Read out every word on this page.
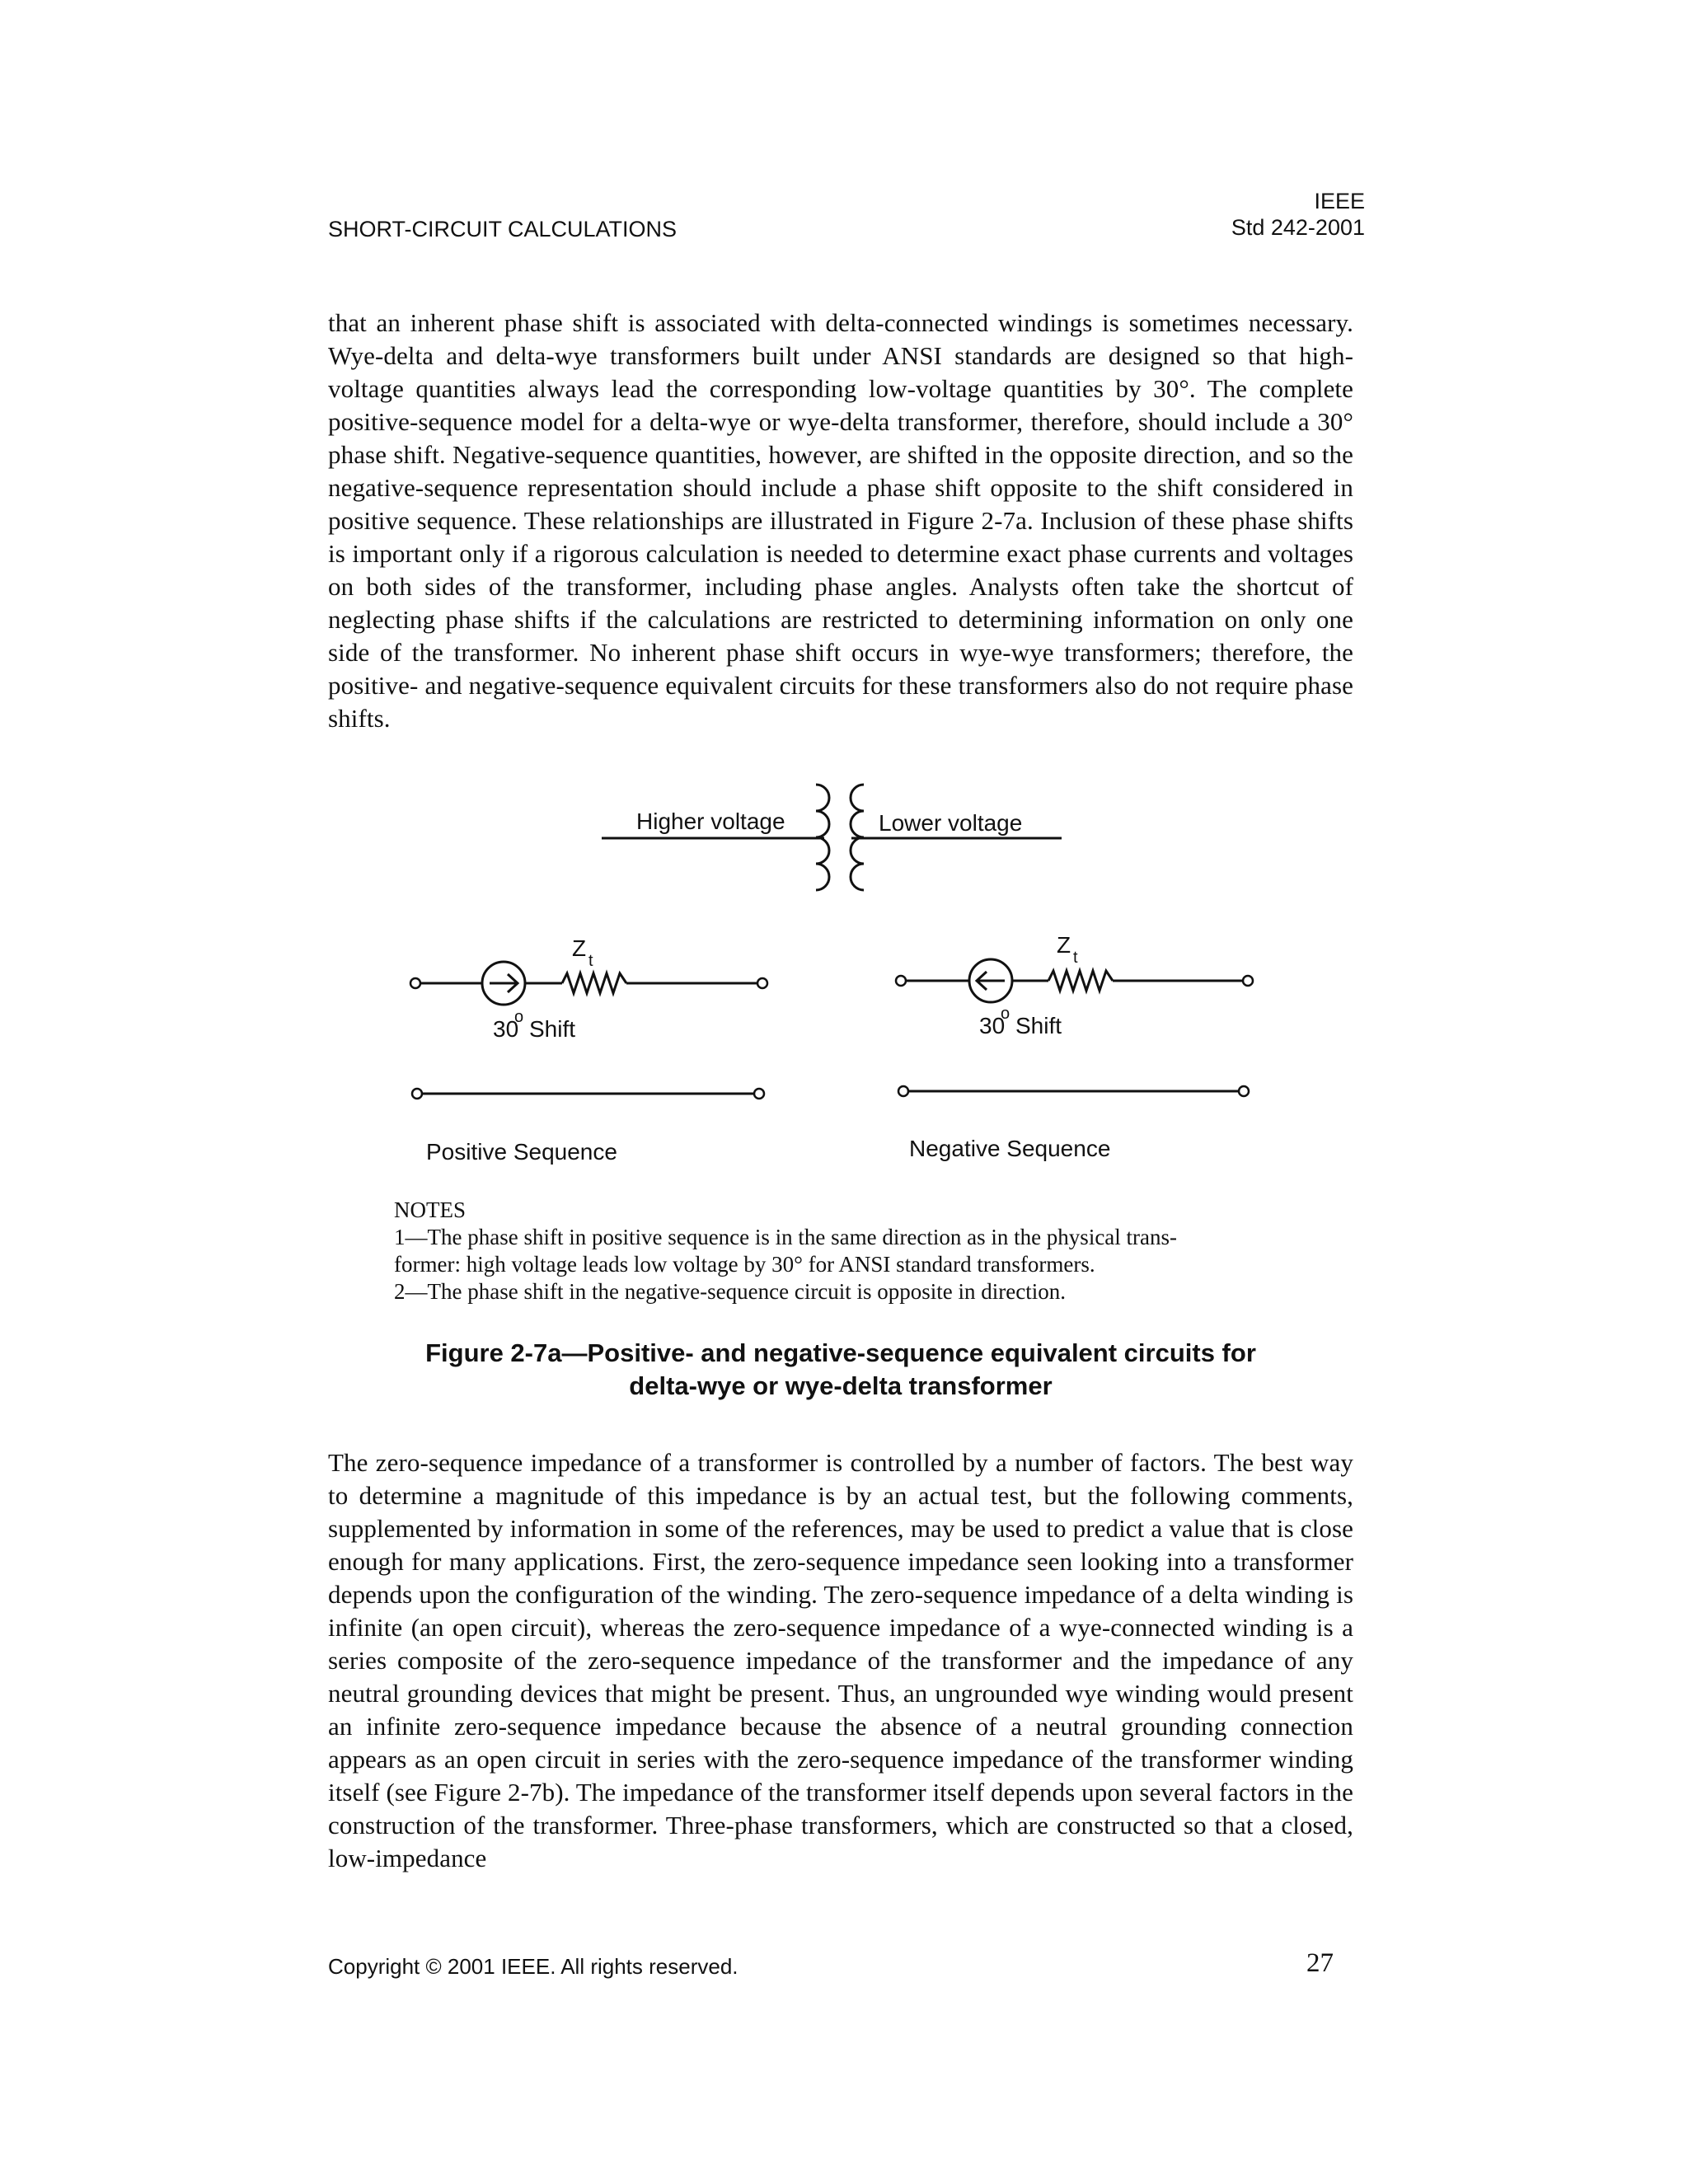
SHORT-CIRCUIT CALCULATIONS
IEEE
Std 242-2001

that an inherent phase shift is associated with delta-connected windings is sometimes necessary. Wye-delta and delta-wye transformers built under ANSI standards are designed so that high-voltage quantities always lead the corresponding low-voltage quantities by 30°. The complete positive-sequence model for a delta-wye or wye-delta transformer, therefore, should include a 30° phase shift. Negative-sequence quantities, however, are shifted in the opposite direction, and so the negative-sequence representation should include a phase shift opposite to the shift considered in positive sequence. These relationships are illustrated in Figure 2-7a. Inclusion of these phase shifts is important only if a rigorous calculation is needed to determine exact phase currents and voltages on both sides of the transformer, including phase angles. Analysts often take the shortcut of neglecting phase shifts if the calculations are restricted to determining information on only one side of the transformer. No inherent phase shift occurs in wye-wye transformers; therefore, the positive- and negative-sequence equivalent circuits for these transformers also do not require phase shifts.

Higher voltage	Lower voltage
Z t
30
o Shift
Positive Sequence
Z t
30
o Shift
Negative Sequence
NOTES
1—The phase shift in positive sequence is in the same direction as in the physical trans-
former: high voltage leads low voltage by 30° for ANSI standard transformers.
2—The phase shift in the negative-sequence circuit is opposite in direction.
Figure 2-7a—Positive- and negative-sequence equivalent circuits for
delta-wye or wye-delta transformer

The zero-sequence impedance of a transformer is controlled by a number of factors. The best way to determine a magnitude of this impedance is by an actual test, but the following comments, supplemented by information in some of the references, may be used to predict a value that is close enough for many applications. First, the zero-sequence impedance seen looking into a transformer depends upon the configuration of the winding. The zero-sequence impedance of a delta winding is infinite (an open circuit), whereas the zero-sequence impedance of a wye-connected winding is a series composite of the zero-sequence impedance of the transformer and the impedance of any neutral grounding devices that might be present. Thus, an ungrounded wye winding would present an infinite zero-sequence impedance because the absence of a neutral grounding connection appears as an open circuit in series with the zero-sequence impedance of the transformer winding itself (see Figure 2-7b). The impedance of the transformer itself depends upon several factors in the construction of the transformer. Three-phase transformers, which are constructed so that a closed, low-impedance

Copyright © 2001 IEEE. All rights reserved.	27
